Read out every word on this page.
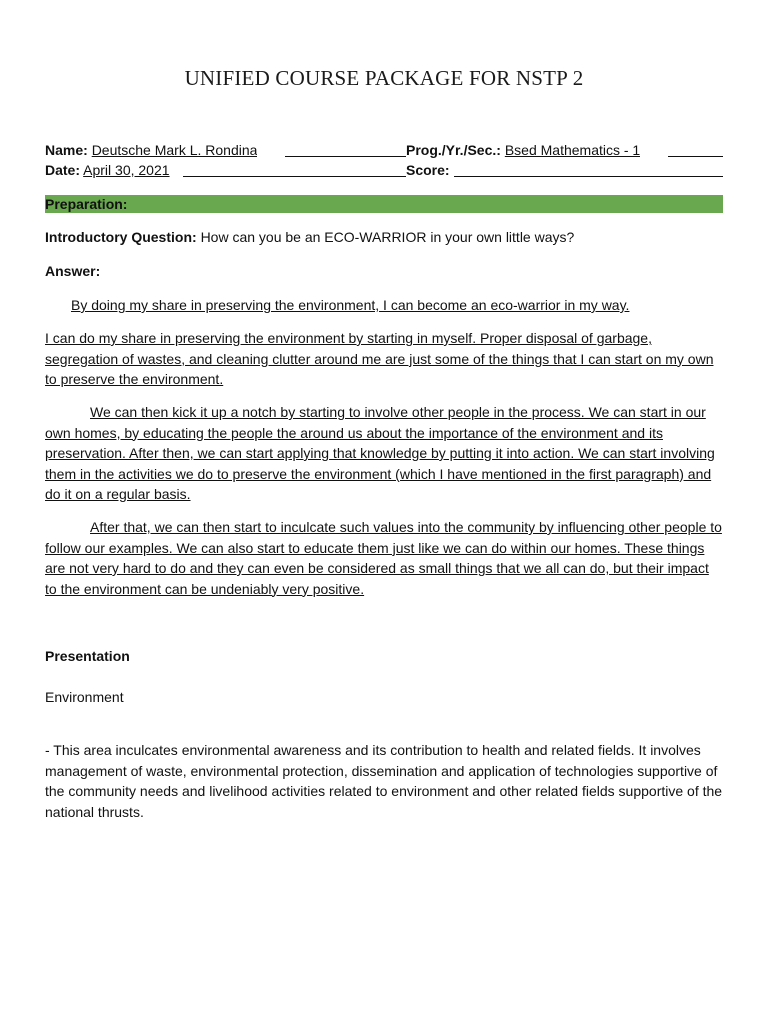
UNIFIED COURSE PACKAGE FOR NSTP 2
Name: Deutsche Mark L. Rondina	Prog./Yr./Sec.: Bsed Mathematics - 1
Date: April 30, 2021	Score:
Preparation:
Introductory Question: How can you be an ECO-WARRIOR in your own little ways?
Answer:
By doing my share in preserving the environment, I can become an eco-warrior in my way.
I can do my share in preserving the environment by starting in myself. Proper disposal of garbage, segregation of wastes, and cleaning clutter around me are just some of the things that I can start on my own to preserve the environment.
We can then kick it up a notch by starting to involve other people in the process. We can start in our own homes, by educating the people the around us about the importance of the environment and its preservation. After then, we can start applying that knowledge by putting it into action. We can start involving them in the activities we do to preserve the environment (which I have mentioned in the first paragraph) and do it on a regular basis.
After that, we can then start to inculcate such values into the community by influencing other people to follow our examples. We can also start to educate them just like we can do within our homes. These things are not very hard to do and they can even be considered as small things that we all can do, but their impact to the environment can be undeniably very positive.
Presentation
Environment
- This area inculcates environmental awareness and its contribution to health and related fields. It involves management of waste, environmental protection, dissemination and application of technologies supportive of the community needs and livelihood activities related to environment and other related fields supportive of the national thrusts.
